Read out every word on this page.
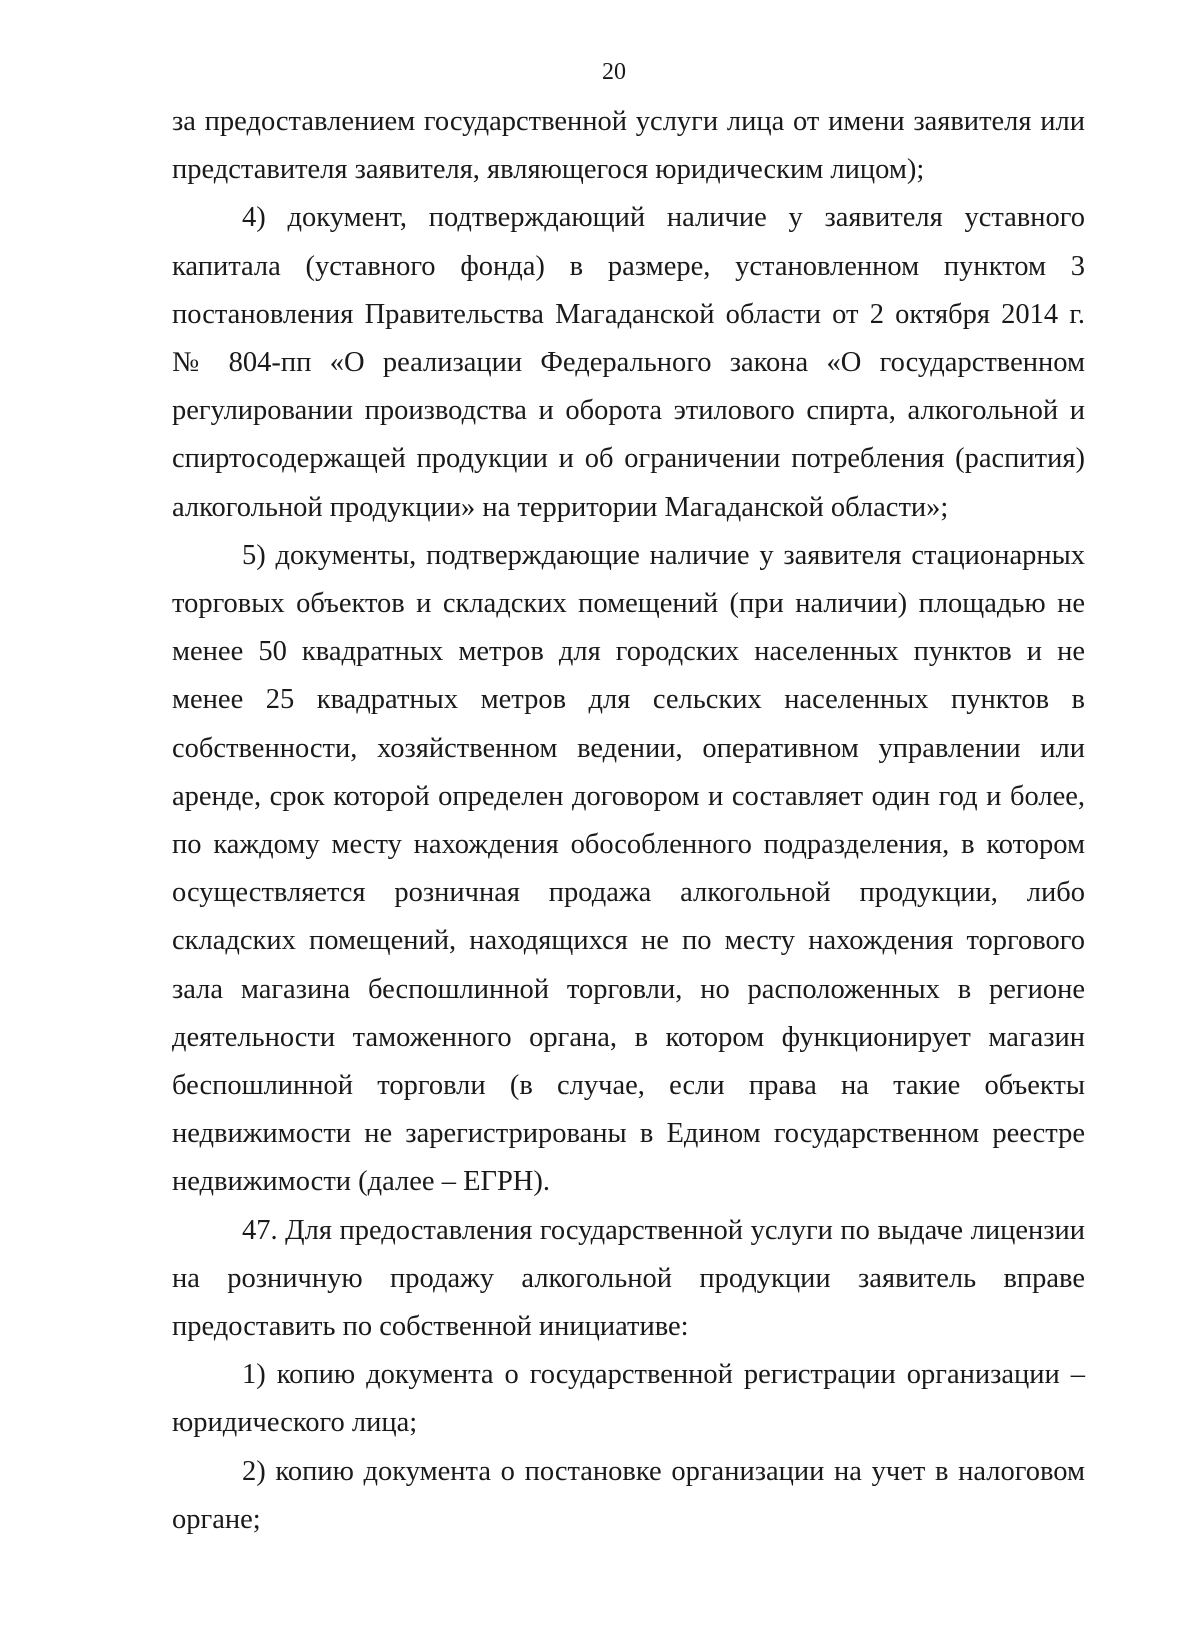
20

за предоставлением государственной услуги лица от имени заявителя или представителя заявителя, являющегося юридическим лицом);

4) документ, подтверждающий наличие у заявителя уставного капитала (уставного фонда) в размере, установленном пунктом 3 постановления Правительства Магаданской области от 2 октября 2014 г. № 804-пп «О реализации Федерального закона «О государственном регулировании производства и оборота этилового спирта, алкогольной и спиртосодержащей продукции и об ограничении потребления (распития) алкогольной продукции» на территории Магаданской области»;

5) документы, подтверждающие наличие у заявителя стационарных торговых объектов и складских помещений (при наличии) площадью не менее 50 квадратных метров для городских населенных пунктов и не менее 25 квадратных метров для сельских населенных пунктов в собственности, хозяйственном ведении, оперативном управлении или аренде, срок которой определен договором и составляет один год и более, по каждому месту нахождения обособленного подразделения, в котором осуществляется розничная продажа алкогольной продукции, либо складских помещений, находящихся не по месту нахождения торгового зала магазина беспошлинной торговли, но расположенных в регионе деятельности таможенного органа, в котором функционирует магазин беспошлинной торговли (в случае, если права на такие объекты недвижимости не зарегистрированы в Едином государственном реестре недвижимости (далее – ЕГРН).

47. Для предоставления государственной услуги по выдаче лицензии на розничную продажу алкогольной продукции заявитель вправе предоставить по собственной инициативе:

1) копию документа о государственной регистрации организации – юридического лица;

2) копию документа о постановке организации на учет в налоговом органе;
